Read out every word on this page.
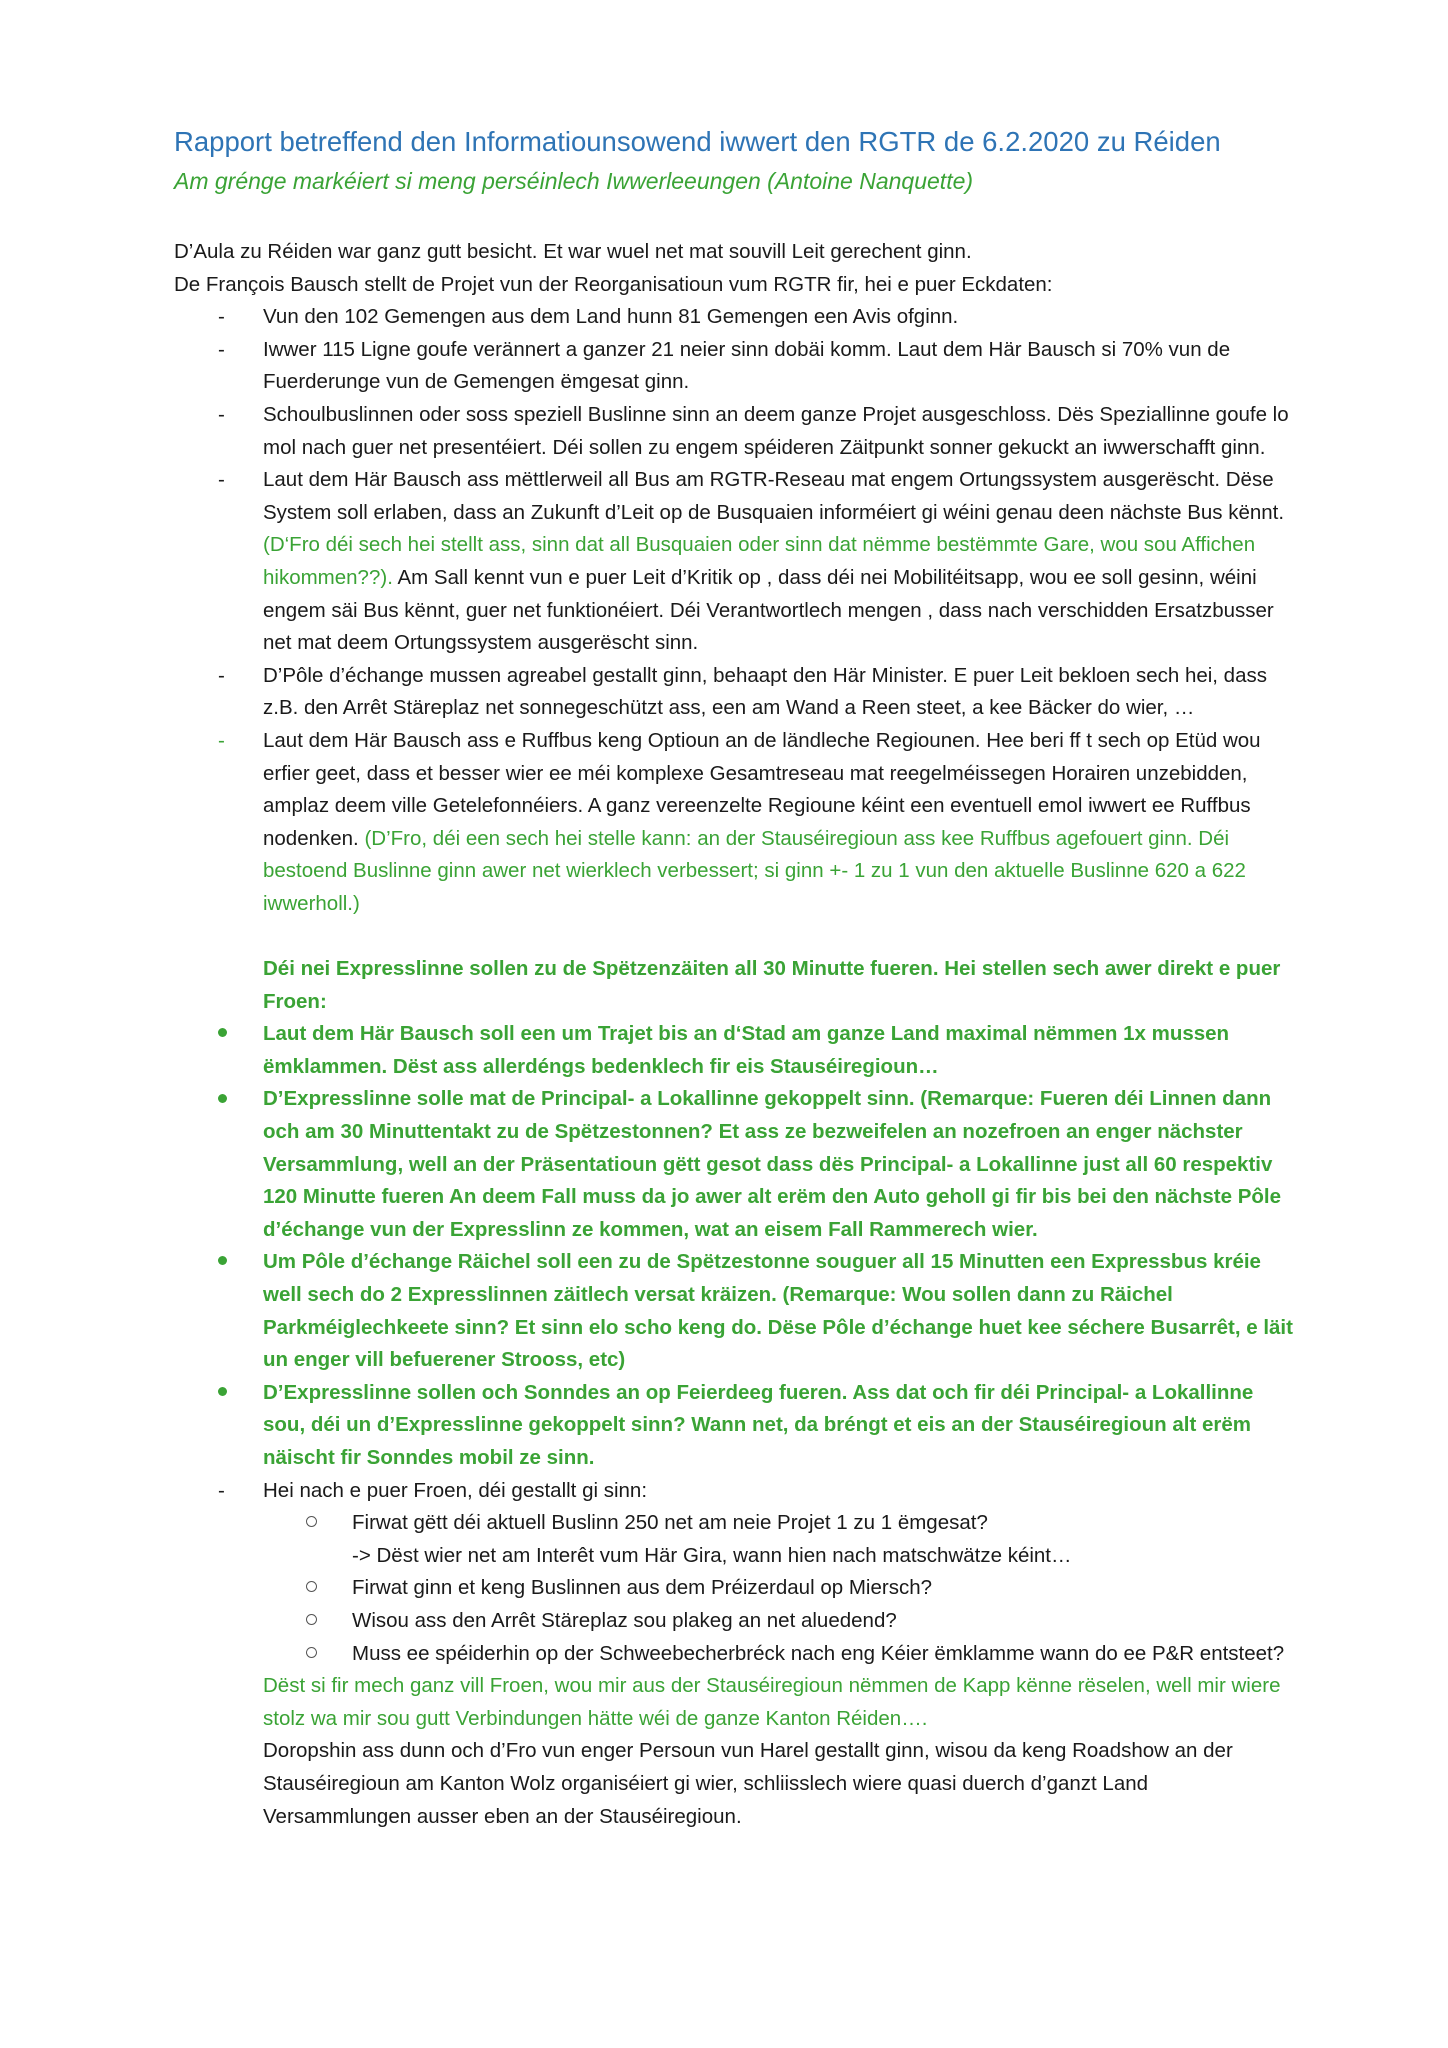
Rapport betreffend den Informatiounsowend iwwert den RGTR de 6.2.2020 zu Réiden
Am grénge markéiert si meng perséinlech Iwwerleeungen (Antoine Nanquette)

D’Aula zu Réiden war ganz gutt besicht. Et war wuel net mat souvill Leit gerechent ginn.

De François Bausch stellt de Projet vun der Reorganisatioun vum RGTR fir, hei e puer Eckdaten:

-	Vun den 102 Gemengen aus dem Land hunn 81 Gemengen een Avis ofginn.
-	Iwwer 115 Ligne goufe verännert a ganzer 21 neier sinn dobäi komm. Laut dem Här Bausch si 70% vun de Fuerderunge vun de Gemengen ëmgesat ginn.
-	Schoulbuslinnen oder soss speziell Buslinne sinn an deem ganze Projet ausgeschloss. Dës Speziallinne goufe lo mol nach guer net presentéiert. Déi sollen zu engem spéideren Zäitpunkt sonner gekuckt an iwwerschafft ginn.
-	Laut dem Här Bausch ass mëttlerweil all Bus am RGTR-Reseau mat engem Ortungssystem ausgerëscht. Dëse System soll erlaben, dass an Zukunft d’Leit op de Busquaien informéiert gi wéini genau deen nächste Bus kënnt. (D‘Fro déi sech hei stellt ass, sinn dat all Busquaien oder sinn dat nëmme bestëmmte Gare, wou sou Affichen hikommen??). Am Sall kennt vun e puer Leit d’Kritik op , dass déi nei Mobilitéitsapp, wou ee soll gesinn, wéini engem säi Bus kënnt, guer net funktionéiert. Déi Verantwortlech mengen , dass nach verschidden Ersatzbusser net mat deem Ortungssystem ausgerëscht sinn.
-	D’Pôle d’échange mussen agreabel gestallt ginn, behaapt den Här Minister. E puer Leit bekloen sech hei, dass z.B. den Arrêt Stäreplaz net sonnegeschützt ass, een am Wand a Reen steet, a kee Bäcker do wier, …
-	Laut dem Här Bausch ass e Ruffbus keng Optioun an de ländleche Regiounen. Hee beri ff t sech op Etüd wou erfier geet, dass et besser wier ee méi komplexe Gesamtreseau mat reegelméissegen Horairen unzebidden, amplaz deem ville Getelefonnéiers. A ganz vereenzelte Regioune kéint een eventuell emol iwwert ee Ruffbus nodenken. (D’Fro, déi een sech hei stelle kann: an der Stauséiregioun ass kee Ruffbus agefouert ginn. Déi bestoend Buslinne ginn awer net wierklech verbessert; si ginn +- 1 zu 1 vun den aktuelle Buslinne 620 a 622 iwwerholl.)

Déi nei Expresslinne sollen zu de Spëtzenzäiten all 30 Minutte fueren. Hei stellen sech awer direkt e puer Froen:

Laut dem Här Bausch soll een um Trajet bis an d‘Stad am ganze Land maximal nëmmen 1x mussen ëmklammen. Dëst ass allerdéngs bedenklech fir eis Stauséiregioun…
D’Expresslinne solle mat de Principal- a Lokallinne gekoppelt sinn. (Remarque: Fueren déi Linnen dann och am 30 Minuttentakt zu de Spëtzestonnen? Et ass ze bezweifelen an nozefroen an enger nächster Versammlung, well an der Präsentatioun gëtt gesot dass dës Principal- a Lokallinne just all 60 respektiv 120 Minutte fueren An deem Fall muss da jo awer alt erëm den Auto geholl gi fir bis bei den nächste Pôle d’échange vun der Expresslinn ze kommen, wat an eisem Fall Rammerech wier.
Um Pôle d’échange Räichel soll een zu de Spëtzestonne souguer all 15 Minutten een Expressbus kréie well sech do 2 Expresslinnen zäitlech versat kräizen. (Remarque: Wou sollen dann zu Räichel Parkméiglechkeete sinn? Et sinn elo scho keng do. Dëse Pôle d’échange huet kee séchere Busarrêt, e läit un enger vill befuerener Strooss, etc)
D’Expresslinne sollen och Sonndes an op Feierdeeg fueren. Ass dat och fir déi Principal- a Lokallinne sou, déi un d’Expresslinne gekoppelt sinn? Wann net, da bréngt et eis an der Stauséiregioun alt erëm näischt fir Sonndes mobil ze sinn.
-	Hei nach e puer Froen, déi gestallt gi sinn:
Firwat gëtt déi aktuell Buslinn 250 net am neie Projet 1 zu 1 ëmgesat?

-> Dëst wier net am Interêt vum Här Gira, wann hien nach matschwätze kéint…

Firwat ginn et keng Buslinnen aus dem Préizerdaul op Miersch?
Wisou ass den Arrêt Stäreplaz sou plakeg an net aluedend?
Muss ee spéiderhin op der Schweebecherbréck nach eng Kéier ëmklamme wann do ee P&R entsteet?

Dëst si fir mech ganz vill Froen, wou mir aus der Stauséiregioun nëmmen de Kapp kënne rëselen, well mir wiere stolz wa mir sou gutt Verbindungen hätte wéi de ganze Kanton Réiden….

Doropshin ass dunn och d’Fro vun enger Persoun vun Harel gestallt ginn, wisou da keng Roadshow an der Stauséiregioun am Kanton Wolz organiséiert gi wier, schliisslech wiere quasi duerch d’ganzt Land Versammlungen ausser eben an der Stauséiregioun.
